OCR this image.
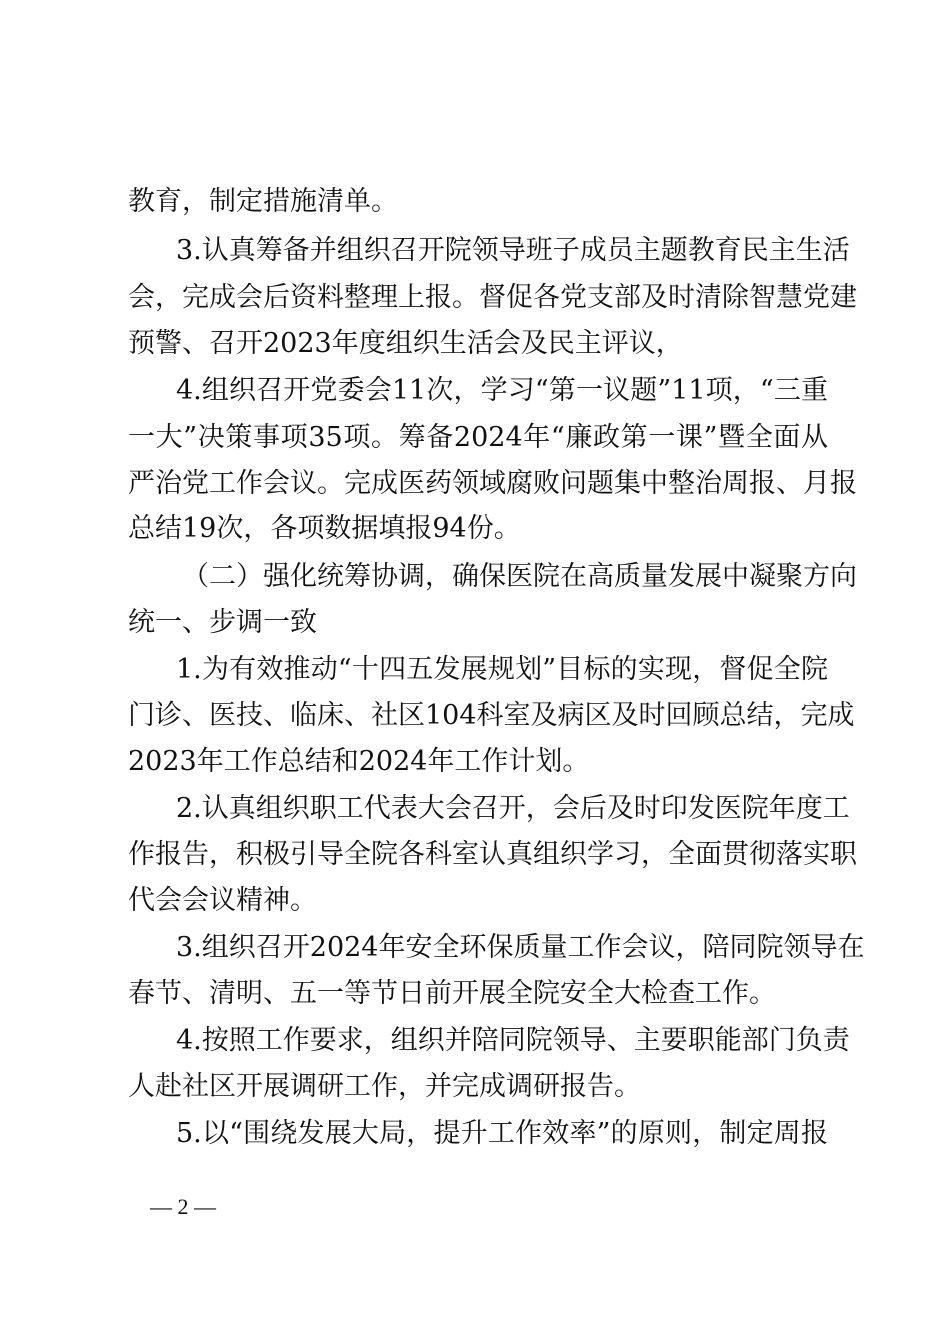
教育，制定措施清单。
3.认真筹备并组织召开院领导班子成员主题教育民主生活
会，完成会后资料整理上报。督促各党支部及时清除智慧党建
预警、召开2023年度组织生活会及民主评议，
4.组织召开党委会11次，学习“第一议题”11项，“三重
一大”决策事项35项。筹备2024年“廉政第一课”暨全面从
严治党工作会议。完成医药领域腐败问题集中整治周报、月报
总结19次，各项数据填报94份。
（二）强化统筹协调，确保医院在高质量发展中凝聚方向
统一、步调一致
1.为有效推动“十四五发展规划”目标的实现，督促全院
门诊、医技、临床、社区104科室及病区及时回顾总结，完成
2023年工作总结和2024年工作计划。
2.认真组织职工代表大会召开，会后及时印发医院年度工
作报告，积极引导全院各科室认真组织学习，全面贯彻落实职
代会会议精神。
3.组织召开2024年安全环保质量工作会议，陪同院领导在
春节、清明、五一等节日前开展全院安全大检查工作。
4.按照工作要求，组织并陪同院领导、主要职能部门负责
人赴社区开展调研工作，并完成调研报告。
5.以“围绕发展大局，提升工作效率”的原则，制定周报
— 2 —
